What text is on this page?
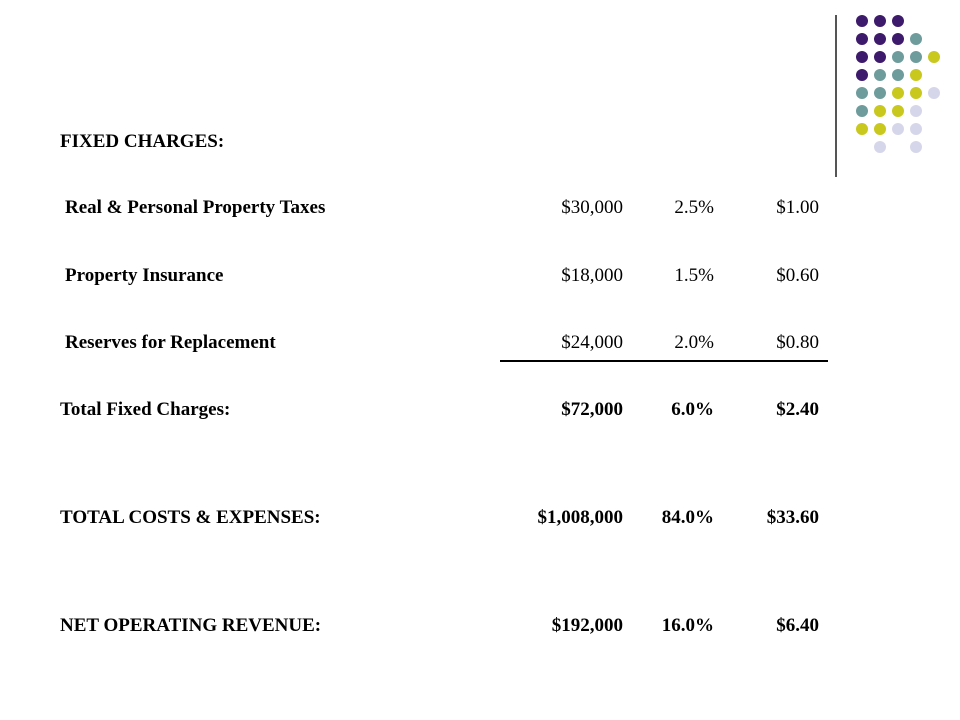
FIXED CHARGES:
Real & Personal Property Taxes	$30,000	2.5%	$1.00
Property Insurance	$18,000	1.5%	$0.60
Reserves for Replacement	$24,000	2.0%	$0.80
Total Fixed Charges:	$72,000	6.0%	$2.40
TOTAL COSTS & EXPENSES:	$1,008,000 84.0%	$33.60
NET OPERATING REVENUE:	$192,000 16.0%	$6.40
